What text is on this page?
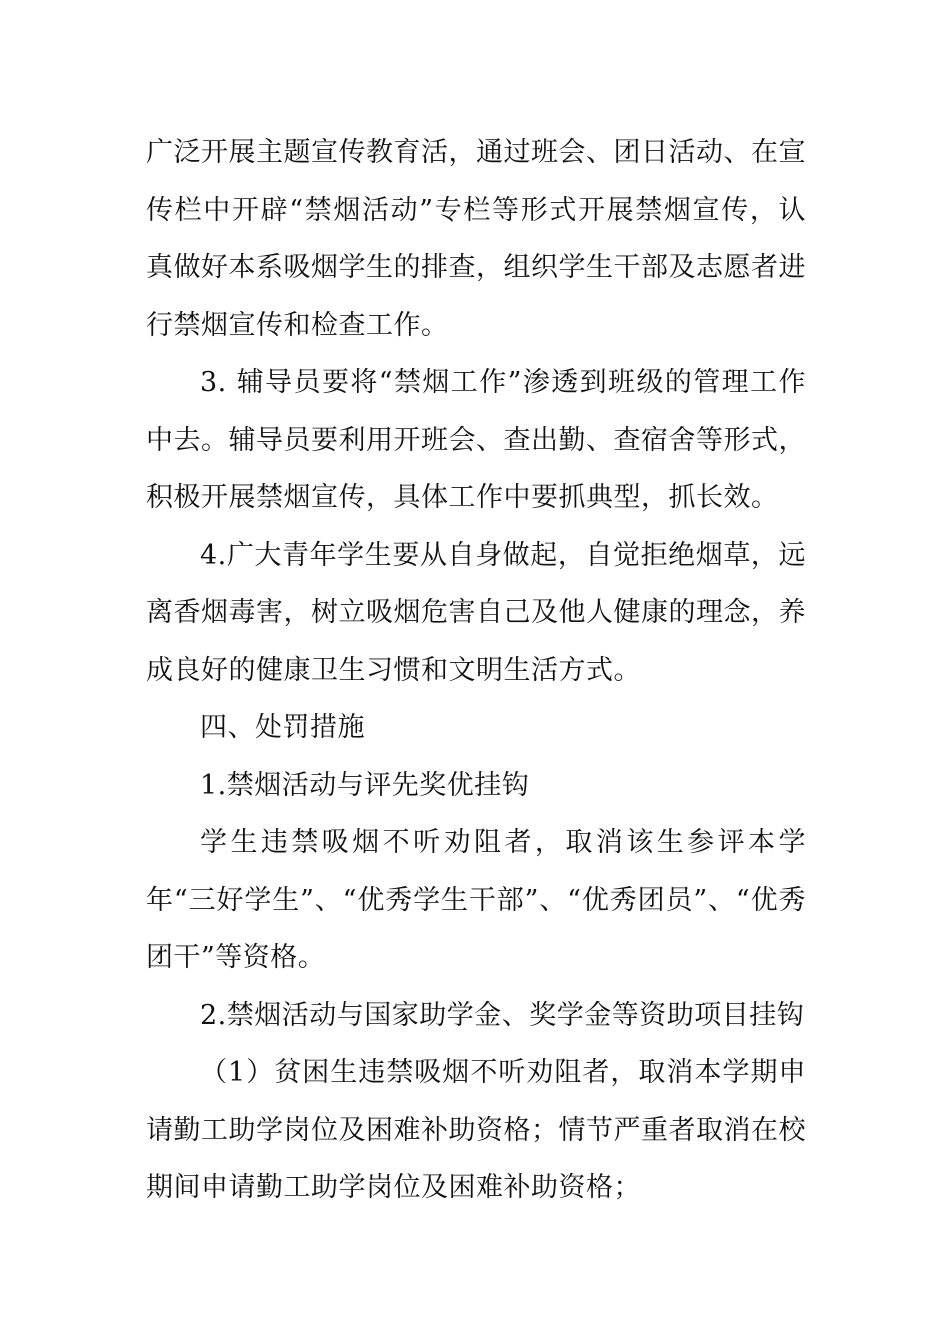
广泛开展主题宣传教育活，通过班会、团日活动、在宣传栏中开辟“禁烟活动”专栏等形式开展禁烟宣传，认真做好本系吸烟学生的排查，组织学生干部及志愿者进行禁烟宣传和检查工作。

3. 辅导员要将“禁烟工作”渗透到班级的管理工作中去。辅导员要利用开班会、查出勤、查宿舍等形式，积极开展禁烟宣传，具体工作中要抓典型，抓长效。

4.广大青年学生要从自身做起，自觉拒绝烟草，远离香烟毒害，树立吸烟危害自己及他人健康的理念，养成良好的健康卫生习惯和文明生活方式。

四、处罚措施

1.禁烟活动与评先奖优挂钩

学生违禁吸烟不听劝阻者，取消该生参评本学年“三好学生”、“优秀学生干部”、“优秀团员”、“优秀团干”等资格。

2.禁烟活动与国家助学金、奖学金等资助项目挂钩

（1）贫困生违禁吸烟不听劝阻者，取消本学期申请勤工助学岗位及困难补助资格；情节严重者取消在校期间申请勤工助学岗位及困难补助资格；
